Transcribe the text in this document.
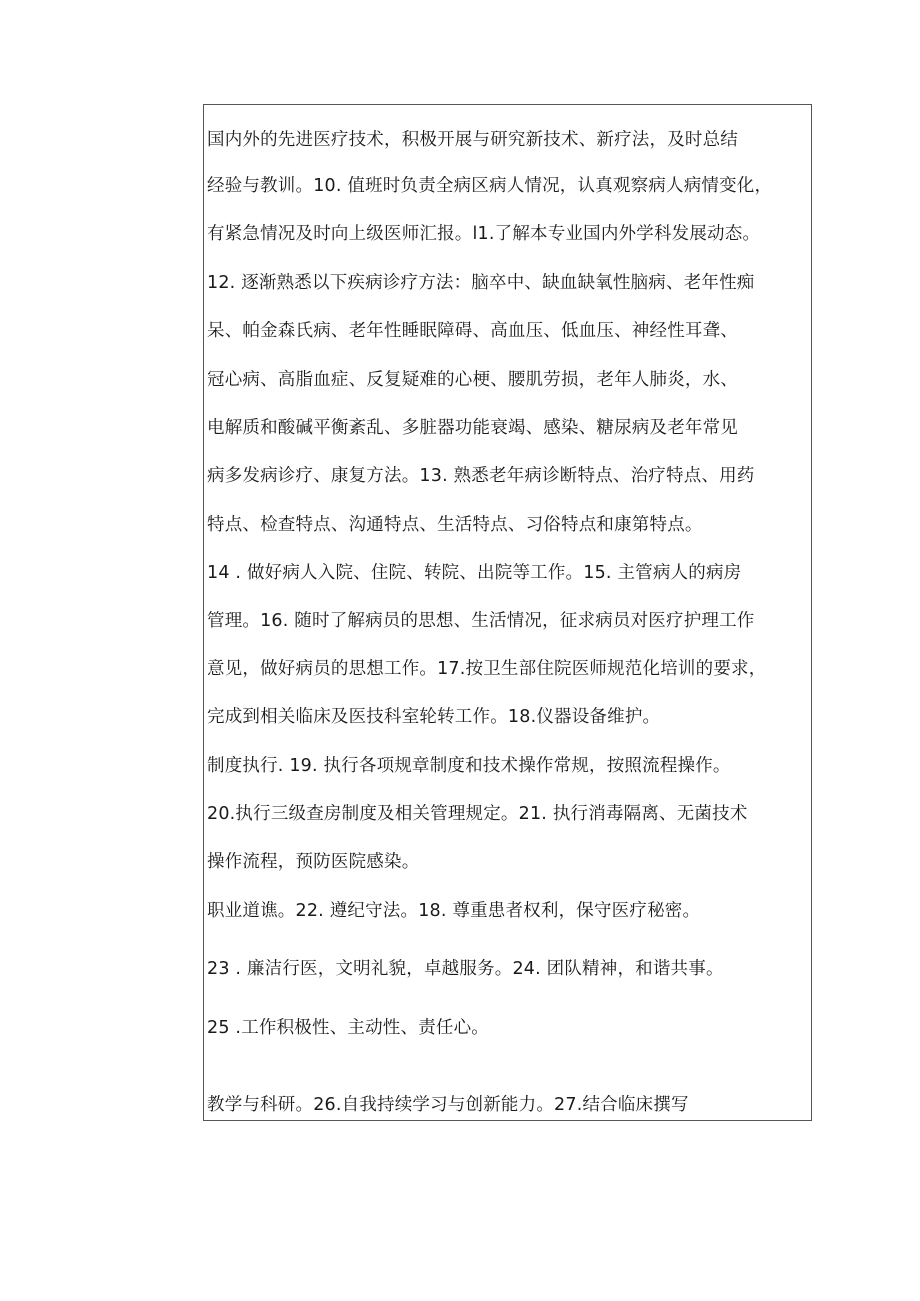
国内外的先进医疗技术，积极开展与研究新技术、新疗法，及时总结
经验与教训。10. 值班时负责全病区病人情况，认真观察病人病情变化，
有紧急情况及时向上级医师汇报。l1.了解本专业国内外学科发展动态。
12. 逐渐熟悉以下疾病诊疗方法：脑卒中、缺血缺氧性脑病、老年性痴
呆、帕金森氏病、老年性睡眠障碍、高血压、低血压、神经性耳聋、
冠心病、高脂血症、反复疑难的心梗、腰肌劳损，老年人肺炎，水、
电解质和酸碱平衡紊乱、多脏器功能衰竭、感染、糖尿病及老年常见
病多发病诊疗、康复方法。13. 熟悉老年病诊断特点、治疗特点、用药
特点、检查特点、沟通特点、生活特点、习俗特点和康第特点。
14 . 做好病人入院、住院、转院、出院等工作。15. 主管病人的病房
管理。16. 随时了解病员的思想、生活情况，征求病员对医疗护理工作
意见，做好病员的思想工作。17.按卫生部住院医师规范化培训的要求，
完成到相关临床及医技科室轮转工作。18.仪器设备维护。
制度执行. 19. 执行各项规章制度和技术操作常规，按照流程操作。
20.执行三级查房制度及相关管理规定。21. 执行消毒隔离、无菌技术
操作流程，预防医院感染。
职业道谯。22. 遵纪守法。18. 尊重患者权利，保守医疗秘密。
23 . 廉洁行医，文明礼貌，卓越服务。24. 团队精神，和谐共事。
25 .工作积极性、主动性、责任心。
教学与科研。26.自我持续学习与创新能力。27.结合临床撰写
